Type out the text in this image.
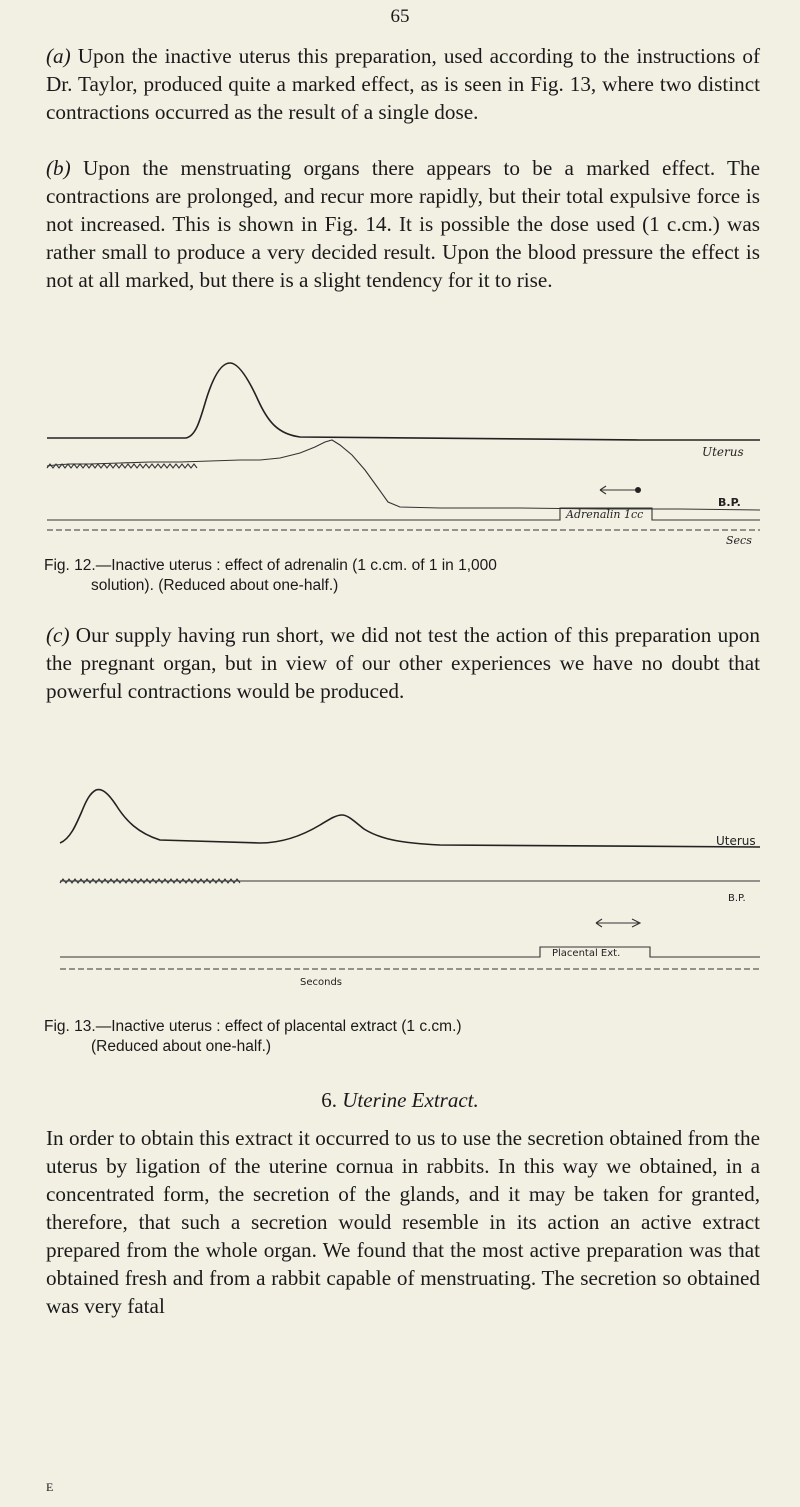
65

(a) Upon the inactive uterus this preparation, used according to the instructions of Dr. Taylor, produced quite a marked effect, as is seen in Fig. 13, where two distinct contractions occurred as the result of a single dose.

(b) Upon the menstruating organs there appears to be a marked effect. The contractions are prolonged, and recur more rapidly, but their total expulsive force is not increased. This is shown in Fig. 14. It is possible the dose used (1 c.cm.) was rather small to produce a very decided result. Upon the blood pressure the effect is not at all marked, but there is a slight tendency for it to rise.

Uterus
B.P.
Adrenalin 1cc
Secs
Fig. 12.—Inactive uterus : effect of adrenalin (1 c.cm. of 1 in 1,000
solution). (Reduced about one-half.)

(c) Our supply having run short, we did not test the action of this preparation upon the pregnant organ, but in view of our other experiences we have no doubt that powerful contractions would be produced.

Uterus
B.P.
Placental Ext.
Seconds
Fig. 13.—Inactive uterus : effect of placental extract (1 c.cm.)
(Reduced about one-half.)
6. Uterine Extract.

In order to obtain this extract it occurred to us to use the secretion obtained from the uterus by ligation of the uterine cornua in rabbits. In this way we obtained, in a concentrated form, the secretion of the glands, and it may be taken for granted, therefore, that such a secretion would resemble in its action an active extract prepared from the whole organ. We found that the most active preparation was that obtained fresh and from a rabbit capable of menstruating. The secretion so obtained was very fatal

E
